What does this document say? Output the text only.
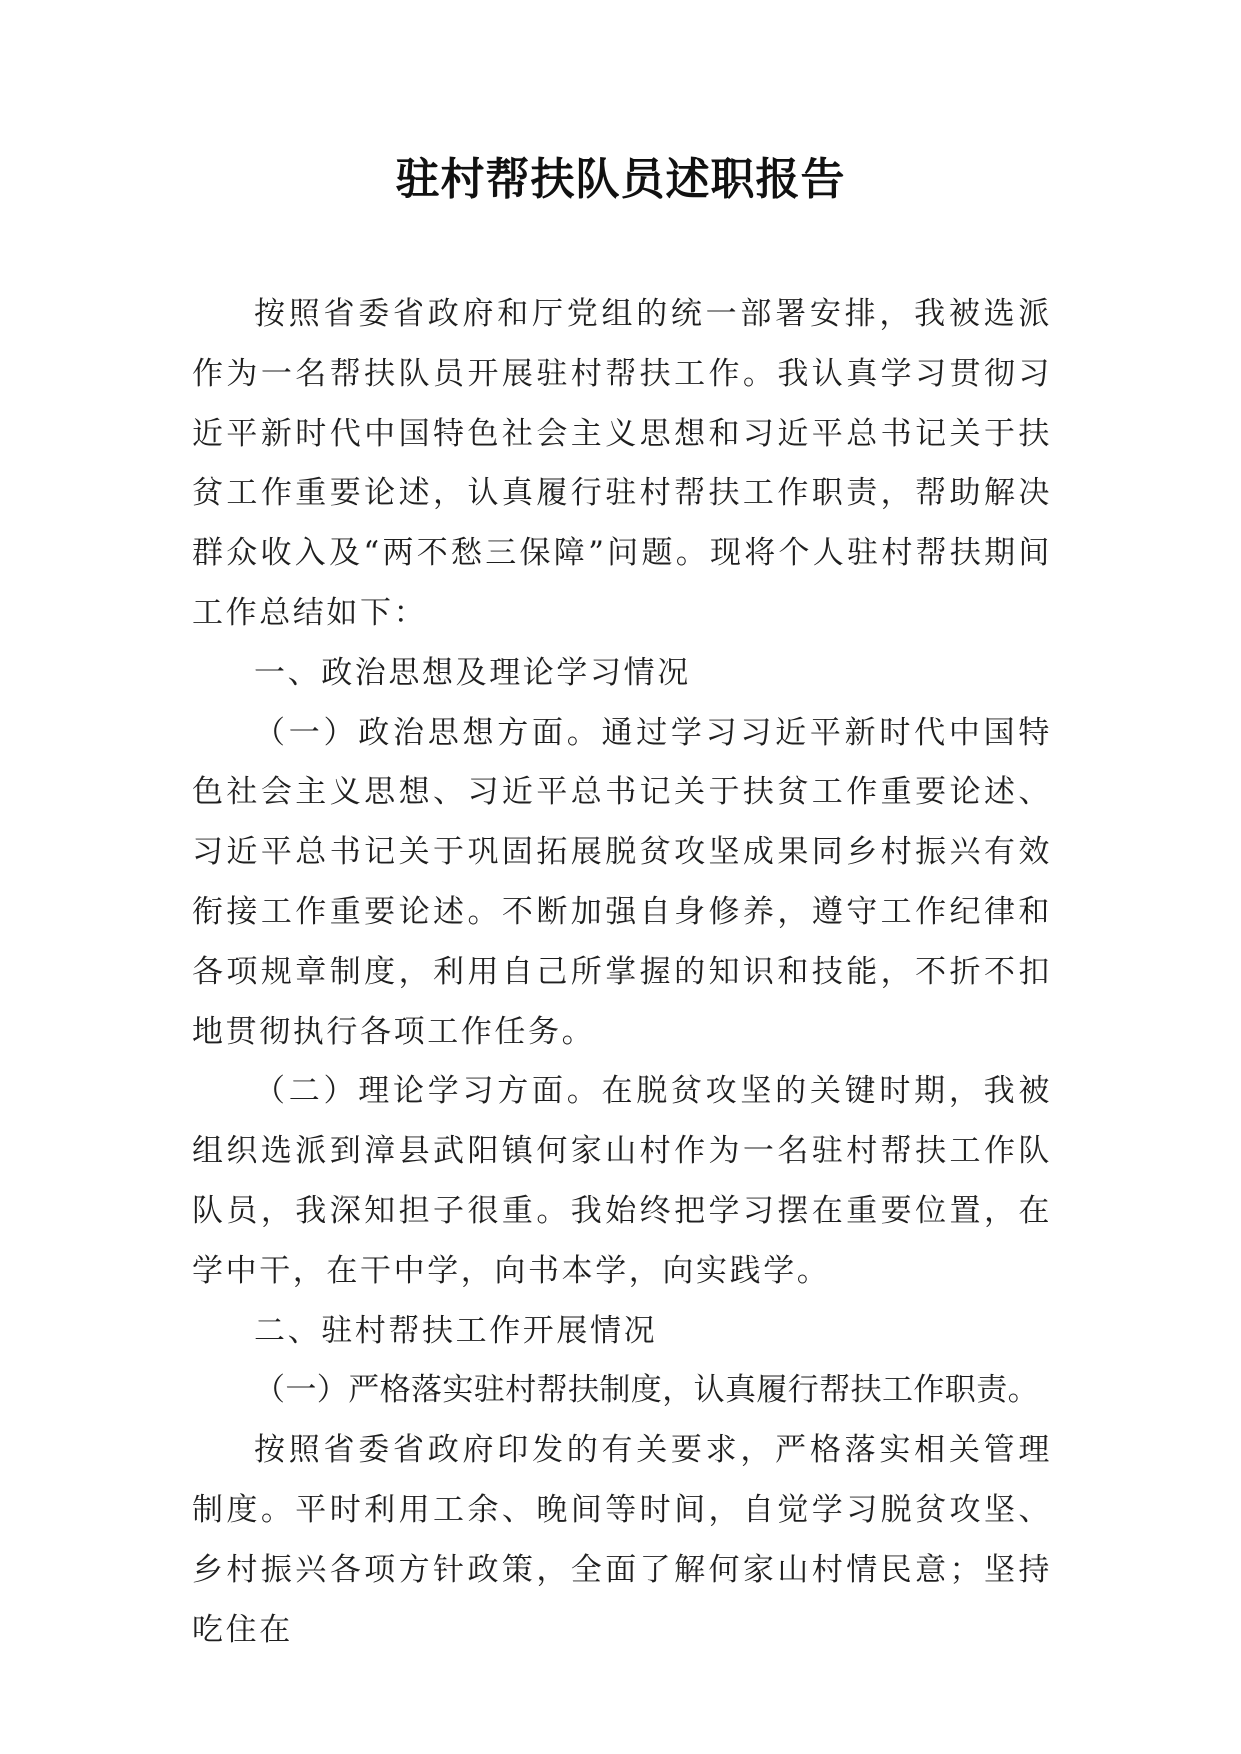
驻村帮扶队员述职报告

按照省委省政府和厅党组的统一部署安排，我被选派作为一名帮扶队员开展驻村帮扶工作。我认真学习贯彻习近平新时代中国特色社会主义思想和习近平总书记关于扶贫工作重要论述，认真履行驻村帮扶工作职责，帮助解决群众收入及“两不愁三保障”问题。现将个人驻村帮扶期间工作总结如下：

一、政治思想及理论学习情况

（一）政治思想方面。通过学习习近平新时代中国特色社会主义思想、习近平总书记关于扶贫工作重要论述、习近平总书记关于巩固拓展脱贫攻坚成果同乡村振兴有效衔接工作重要论述。不断加强自身修养，遵守工作纪律和各项规章制度，利用自己所掌握的知识和技能，不折不扣地贯彻执行各项工作任务。

（二）理论学习方面。在脱贫攻坚的关键时期，我被组织选派到漳县武阳镇何家山村作为一名驻村帮扶工作队队员，我深知担子很重。我始终把学习摆在重要位置，在学中干，在干中学，向书本学，向实践学。

二、驻村帮扶工作开展情况

（一）严格落实驻村帮扶制度，认真履行帮扶工作职责。

按照省委省政府印发的有关要求，严格落实相关管理制度。平时利用工余、晚间等时间，自觉学习脱贫攻坚、乡村振兴各项方针政策，全面了解何家山村情民意；坚持吃住在
